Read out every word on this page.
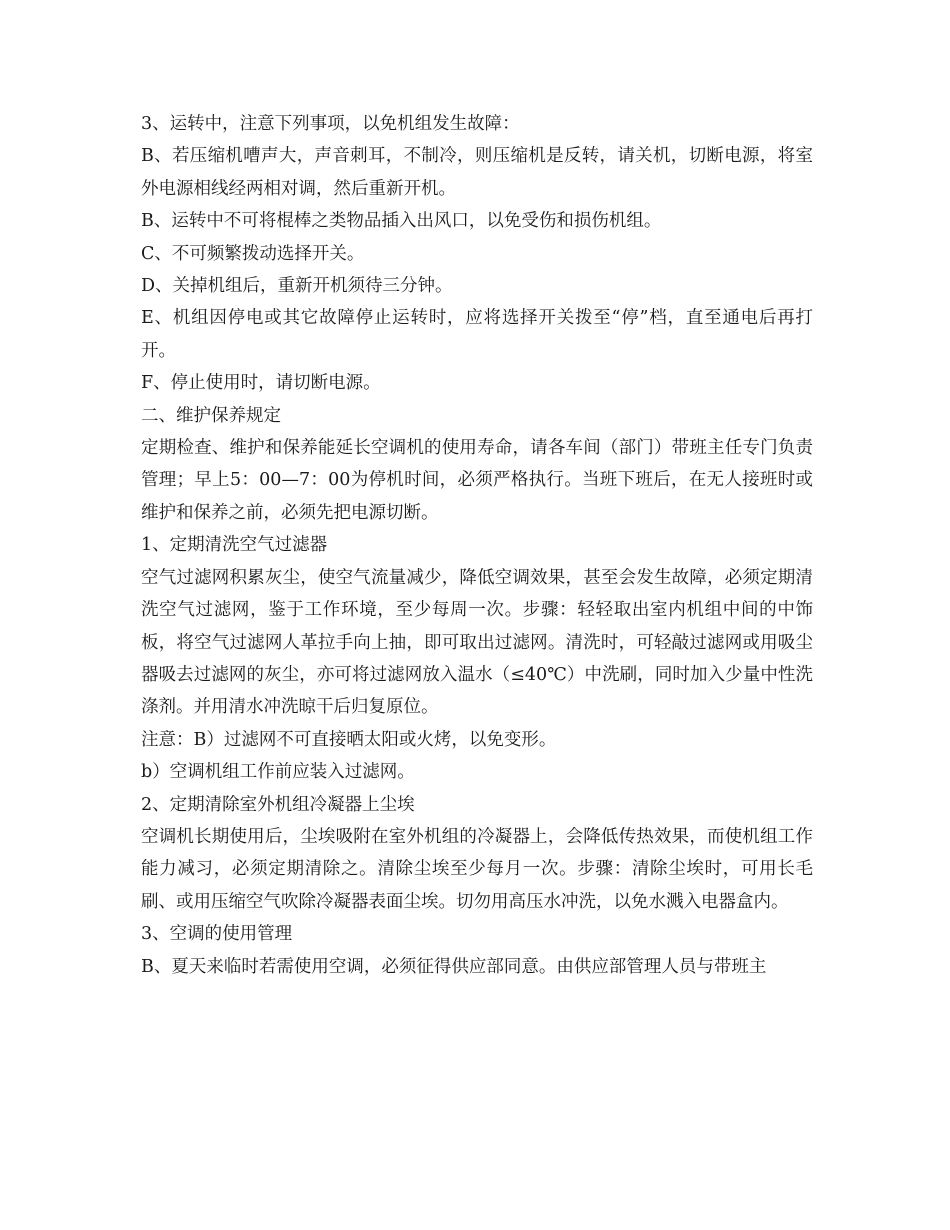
3、运转中，注意下列事项，以免机组发生故障：

B、若压缩机嘈声大，声音刺耳，不制冷，则压缩机是反转，请关机，切断电源，将室外电源相线经两相对调，然后重新开机。

B、运转中不可将棍棒之类物品插入出风口，以免受伤和损伤机组。

C、不可频繁拨动选择开关。

D、关掉机组后，重新开机须待三分钟。

E、机组因停电或其它故障停止运转时，应将选择开关拨至“停”档，直至通电后再打开。

F、停止使用时，请切断电源。

二、维护保养规定

定期检查、维护和保养能延长空调机的使用寿命，请各车间（部门）带班主任专门负责管理；早上5：00—7：00为停机时间，必须严格执行。当班下班后，在无人接班时或维护和保养之前，必须先把电源切断。

1、定期清洗空气过滤器

空气过滤网积累灰尘，使空气流量减少，降低空调效果，甚至会发生故障，必须定期清洗空气过滤网，鉴于工作环境，至少每周一次。步骤：轻轻取出室内机组中间的中饰板，将空气过滤网人革拉手向上抽，即可取出过滤网。清洗时，可轻敲过滤网或用吸尘器吸去过滤网的灰尘，亦可将过滤网放入温水（≤40℃）中洗刷，同时加入少量中性洗涤剂。并用清水冲洗晾干后归复原位。

注意：B）过滤网不可直接晒太阳或火烤，以免变形。

b）空调机组工作前应装入过滤网。

2、定期清除室外机组冷凝器上尘埃

空调机长期使用后，尘埃吸附在室外机组的冷凝器上，会降低传热效果，而使机组工作能力减习，必须定期清除之。清除尘埃至少每月一次。步骤：清除尘埃时，可用长毛刷、或用压缩空气吹除冷凝器表面尘埃。切勿用高压水冲洗，以免水溅入电器盒内。

3、空调的使用管理

B、夏天来临时若需使用空调，必须征得供应部同意。由供应部管理人员与带班主
